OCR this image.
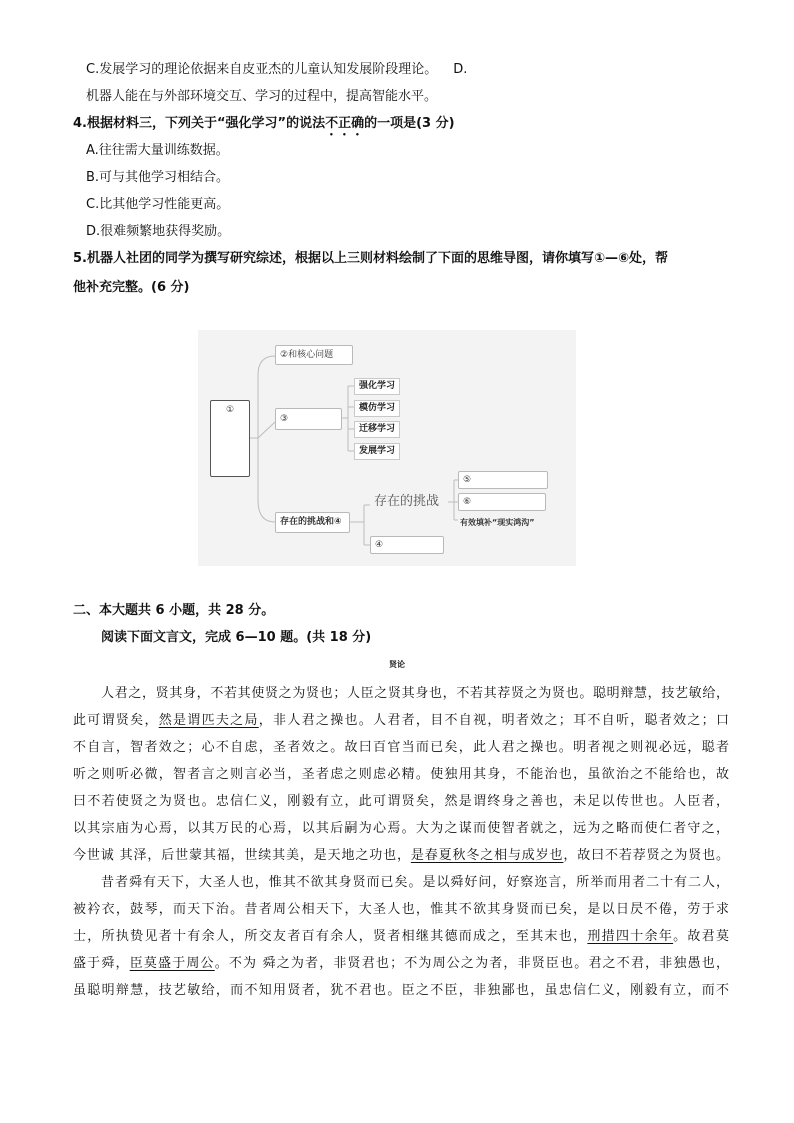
C.发展学习的理论依据来自皮亚杰的儿童认知发展阶段理论。 D.
机器人能在与外部环境交互、学习的过程中，提高智能水平。
4.根据材料三，下列关于“强化学习”的说法不正确的一项是(3 分)
A.往往需大量训练数据。
B.可与其他学习相结合。
C.比其他学习性能更高。
D.很难频繁地获得奖励。
5.机器人社团的同学为撰写研究综述，根据以上三则材料绘制了下面的思维导图，请你填写①—⑥处，帮
他补充完整。(6 分)
①
②和核心问题
③
强化学习
模仿学习
迁移学习
发展学习
存在的挑战和④
存在的挑战
⑤
⑥
有效填补“现实鸿沟”
④
二、本大题共 6 小题，共 28 分。
阅读下面文言文，完成 6—10 题。(共 18 分)
贤论
人君之，贤其身，不若其使贤之为贤也；人臣之贤其身也，不若其荐贤之为贤也。聪明辩慧，技艺敏给，
此可谓贤矣，然是谓匹夫之局，非人君之操也。人君者，目不自视，明者效之；耳不自听，聪者效之；口
不自言，智者效之；心不自虑，圣者效之。故曰百官当而已矣，此人君之操也。明者视之则视必远，聪者
听之则听必微，智者言之则言必当，圣者虑之则虑必精。使独用其身，不能治也，虽欲治之不能给也，故
曰不若使贤之为贤也。忠信仁义，刚毅有立，此可谓贤矣，然是谓终身之善也，未足以传世也。人臣者，
以其宗庙为心焉，以其万民的心焉，以其后嗣为心焉。大为之谋而使智者就之，远为之略而使仁者守之，
今世诚 其泽，后世蒙其福，世续其美，是天地之功也，是春夏秋冬之相与成岁也，故曰不若荐贤之为贤也。
昔者舜有天下，大圣人也，惟其不欲其身贤而已矣。是以舜好问，好察迩言，所举而用者二十有二人，
被衿衣，鼓琴，而天下治。昔者周公相天下，大圣人也，惟其不欲其身贤而已矣，是以日昃不倦，劳于求
士，所执贽见者十有余人，所交友者百有余人，贤者相继其德而成之，至其末也，刑措四十余年。故君莫
盛于舜，臣莫盛于周公。不为 舜之为者，非贤君也；不为周公之为者，非贤臣也。君之不君，非独愚也，
虽聪明辩慧，技艺敏给，而不知用贤者，犹不君也。臣之不臣，非独鄙也，虽忠信仁义，刚毅有立，而不
